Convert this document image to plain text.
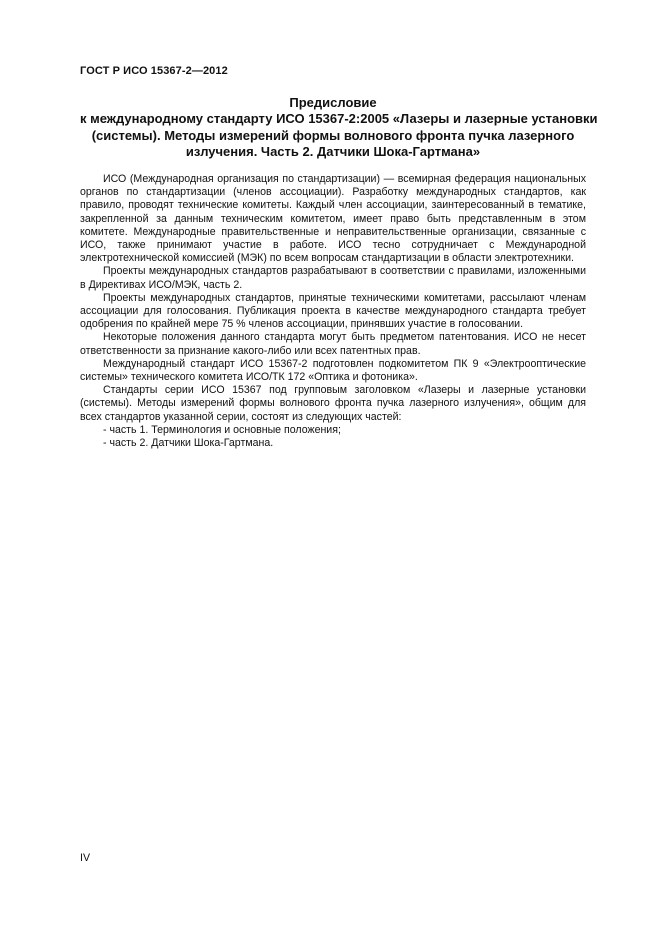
ГОСТ Р ИСО 15367-2—2012
Предисловие
к международному стандарту ИСО 15367-2:2005 «Лазеры и лазерные установки
(системы). Методы измерений формы волнового фронта пучка лазерного
излучения. Часть 2. Датчики Шока-Гартмана»

ИСО (Международная организация по стандартизации) — всемирная федерация национальных органов по стандартизации (членов ассоциации). Разработку международных стандартов, как правило, проводят технические комитеты. Каждый член ассоциации, заинтересованный в тематике, закрепленной за данным техническим комитетом, имеет право быть представленным в этом комитете. Международные правительственные и неправительственные организации, связанные с ИСО, также принимают участие в работе. ИСО тесно сотрудничает с Международной электротехнической комиссией (МЭК) по всем вопросам стандартизации в области электротехники.

Проекты международных стандартов разрабатывают в соответствии с правилами, изложенными в Директивах ИСО/МЭК, часть 2.

Проекты международных стандартов, принятые техническими комитетами, рассылают членам ассоциации для голосования. Публикация проекта в качестве международного стандарта требует одобрения по крайней мере 75 % членов ассоциации, принявших участие в голосовании.

Некоторые положения данного стандарта могут быть предметом патентования. ИСО не несет ответственности за признание какого-либо или всех патентных прав.

Международный стандарт ИСО 15367-2 подготовлен подкомитетом ПК 9 «Электрооптические системы» технического комитета ИСО/ТК 172 «Оптика и фотоника».

Стандарты серии ИСО 15367 под групповым заголовком «Лазеры и лазерные установки (системы). Методы измерений формы волнового фронта пучка лазерного излучения», общим для всех стандартов указанной серии, состоят из следующих частей:

- часть 1. Терминология и основные положения;

- часть 2. Датчики Шока-Гартмана.

IV
